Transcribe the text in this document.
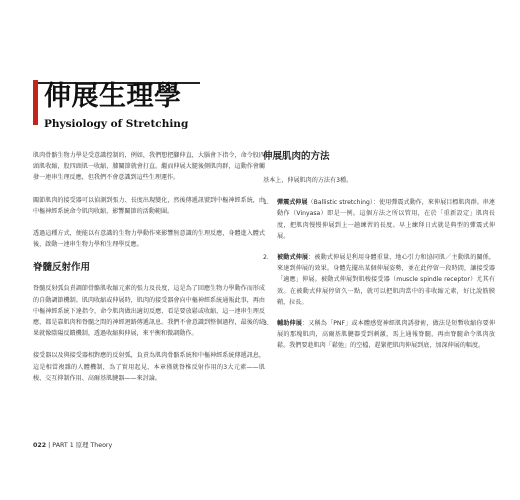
伸展生理學
Physiology of Stretching

肌肉骨骼生物力學是受意識控制的，例如，我們想把腳伸直，大腦會下指令，命令股四頭肌收縮，股四頭肌一收縮，膝關節就會打直。繼而伸展大腿後側肌肉群，這動作會觸發一連串生理反應，但我們不會意識到這些生理運作。

關節肌肉的接受器可以偵測到張力、長度出現變化，然後傳遞訊號到中樞神經系統，由中樞神經系統命令肌肉收縮，影響關節的活動範圍。

透過這種方式，便能以有意識的生物力學動作來影響無意識的生理反應，身體進入體式後，啟動一連串生物力學和生理學反應。

脊髓反射作用

脊髓反射弧負責調節骨骼肌收縮元素的張力及長度，這是為了回應生物力學動作而形成的自動調節機制。肌肉收縮或伸展時，肌肉的接受器會向中樞神經系統通報此事，再由中樞神經系統下達指令，命令肌肉做出適切反應，看是要放鬆或收縮，這一連串生理反應，都是靠肌肉和脊髓之間的神經迴路傳遞訊息。我們不會意識到整個過程，最後的結果就像陰陽反饋機制，透過收縮與伸展，來平衡和微調動作。

接受器以及與接受器相對應的反射弧，負責為肌肉骨骼系統和中樞神經系統傳遞訊息，這是相當複雜的人體機制，為了實用起見，本章僅就脊椎反射作用的3大元素——肌梭、交互抑制作用、高爾基肌腱器——來討論。

伸展肌肉的方法

基本上，伸展肌肉的方法有3種。

1. 彈震式伸展（Ballistic stretching）：使用彈震式動作，來伸展目標肌肉群。串連動作（Vinyasa）即是一例。這個方法之所以管用，在於「重新設定」肌肉長度，把肌肉慢慢伸展到上一趟練習的長度。早上練拜日式就是典型的彈震式伸展。
2. 被動式伸展：被動式伸展是利用身體重量、地心引力和協同肌／主動肌的關係，來達到伸展的效果。身體先擺出某個伸展姿勢，並在此停留一段時間，讓接受器「適應」伸展。被動式伸展對肌梭接受器（muscle spindle receptor）尤其有效。在被動式伸展停留久一點，就可以把肌肉當中的非收縮元素，好比說筋膜鞘，拉長。
3. 輔助伸展：又稱為「PNF」或本體感覺神經肌肉誘發術，做法是短暫收縮你要伸展的那塊肌肉，高爾基肌腱器受到刺激，馬上通報脊髓，再由脊髓命令肌肉放鬆。我們要趁肌肉「鬆弛」的空檔，趕緊把肌肉伸展到底，加深伸展的幅度。
022 | PART 1 原理 Theory
